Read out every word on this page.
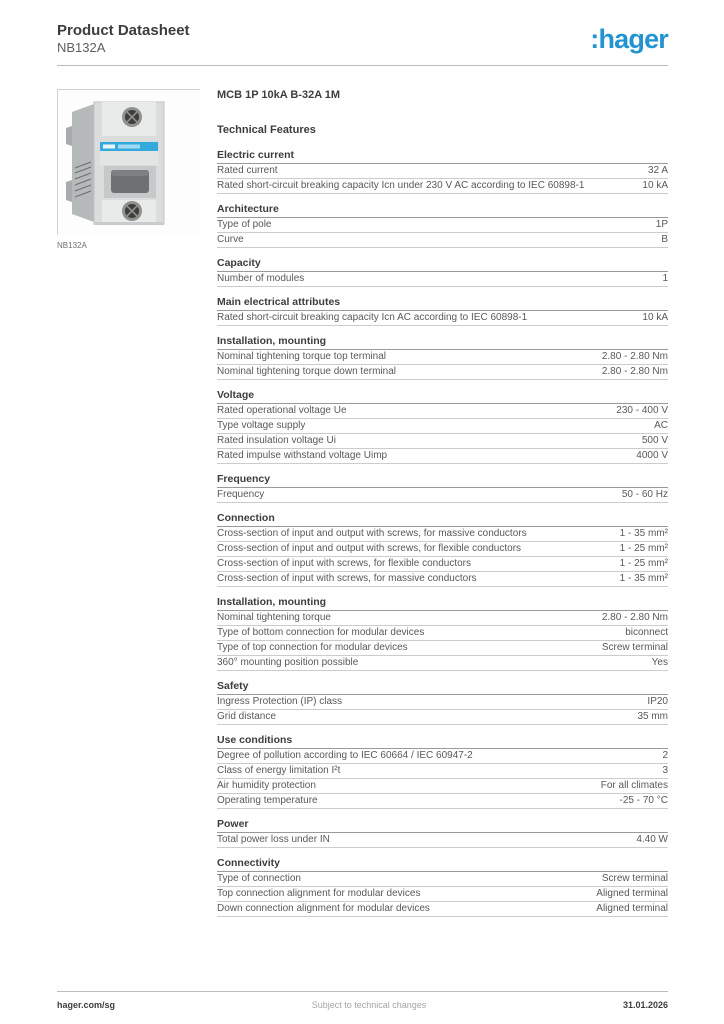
Product Datasheet
NB132A	:hager
NB132A
MCB 1P 10kA B-32A 1M
Technical Features
Electric current
Rated current	32 A
Rated short-circuit breaking capacity Icn under 230 V AC according to IEC 60898-1	10 kA
Architecture
Type of pole	1P
Curve	B
Capacity
Number of modules	1
Main electrical attributes
Rated short-circuit breaking capacity Icn AC according to IEC 60898-1	10 kA
Installation, mounting
Nominal tightening torque top terminal	2.80 - 2.80 Nm
Nominal tightening torque down terminal	2.80 - 2.80 Nm
Voltage
Rated operational voltage Ue	230 - 400 V
Type voltage supply	AC
Rated insulation voltage Ui	500 V
Rated impulse withstand voltage Uimp	4000 V
Frequency
Frequency	50 - 60 Hz
Connection
Cross-section of input and output with screws, for massive conductors	1 - 35 mm²
Cross-section of input and output with screws, for flexible conductors	1 - 25 mm²
Cross-section of input with screws, for flexible conductors	1 - 25 mm²
Cross-section of input with screws, for massive conductors	1 - 35 mm²
Installation, mounting
Nominal tightening torque	2.80 - 2.80 Nm
Type of bottom connection for modular devices	biconnect
Type of top connection for modular devices	Screw terminal
360° mounting position possible	Yes
Safety
Ingress Protection (IP) class	IP20
Grid distance	35 mm
Use conditions
Degree of pollution according to IEC 60664 / IEC 60947-2	2
Class of energy limitation I²t	3
Air humidity protection	For all climates
Operating temperature	-25 - 70 °C
Power
Total power loss under IN	4.40 W
Connectivity
Type of connection	Screw terminal
Top connection alignment for modular devices	Aligned terminal
Down connection alignment for modular devices	Aligned terminal
hager.com/sg	Subject to technical changes	31.01.2026
